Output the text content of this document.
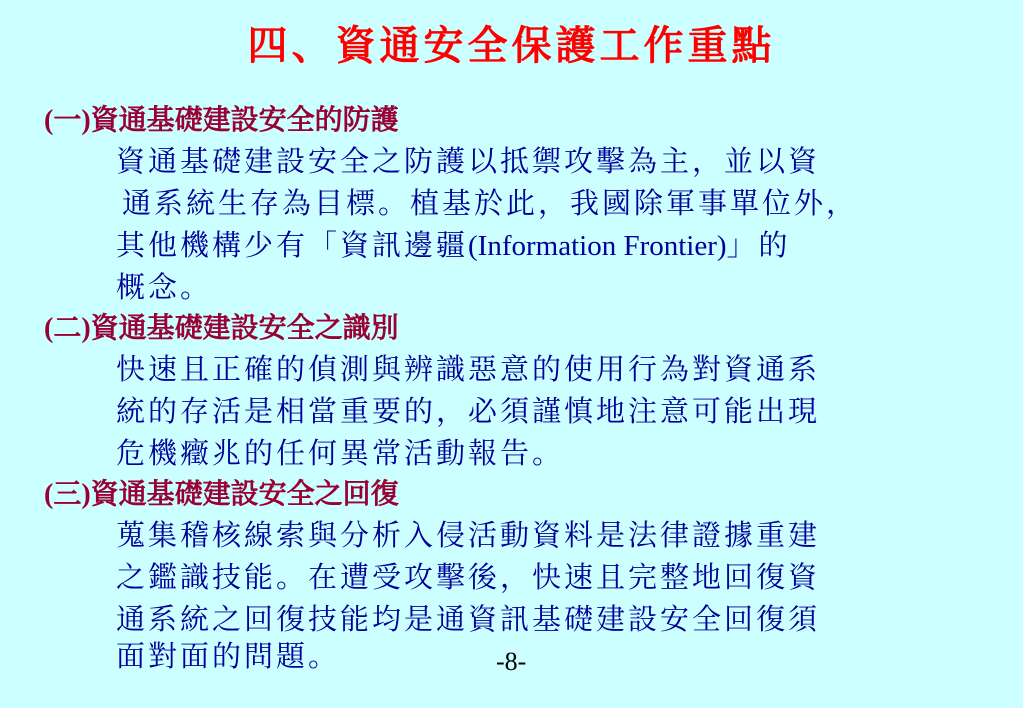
四、資通安全保護工作重點
(一)資通基礎建設安全的防護
資通基礎建設安全之防護以抵禦攻擊為主，並以資
通系統生存為目標。植基於此，我國除軍事單位外，
其他機構少有「資訊邊疆(Information Frontier)」的
概念。
(二)資通基礎建設安全之識別
快速且正確的偵測與辨識惡意的使用行為對資通系
統的存活是相當重要的，必須謹慎地注意可能出現
危機癥兆的任何異常活動報告。
(三)資通基礎建設安全之回復
蒐集稽核線索與分析入侵活動資料是法律證據重建
之鑑識技能。在遭受攻擊後，快速且完整地回復資
通系統之回復技能均是通資訊基礎建設安全回復須
面對面的問題。	-8-
